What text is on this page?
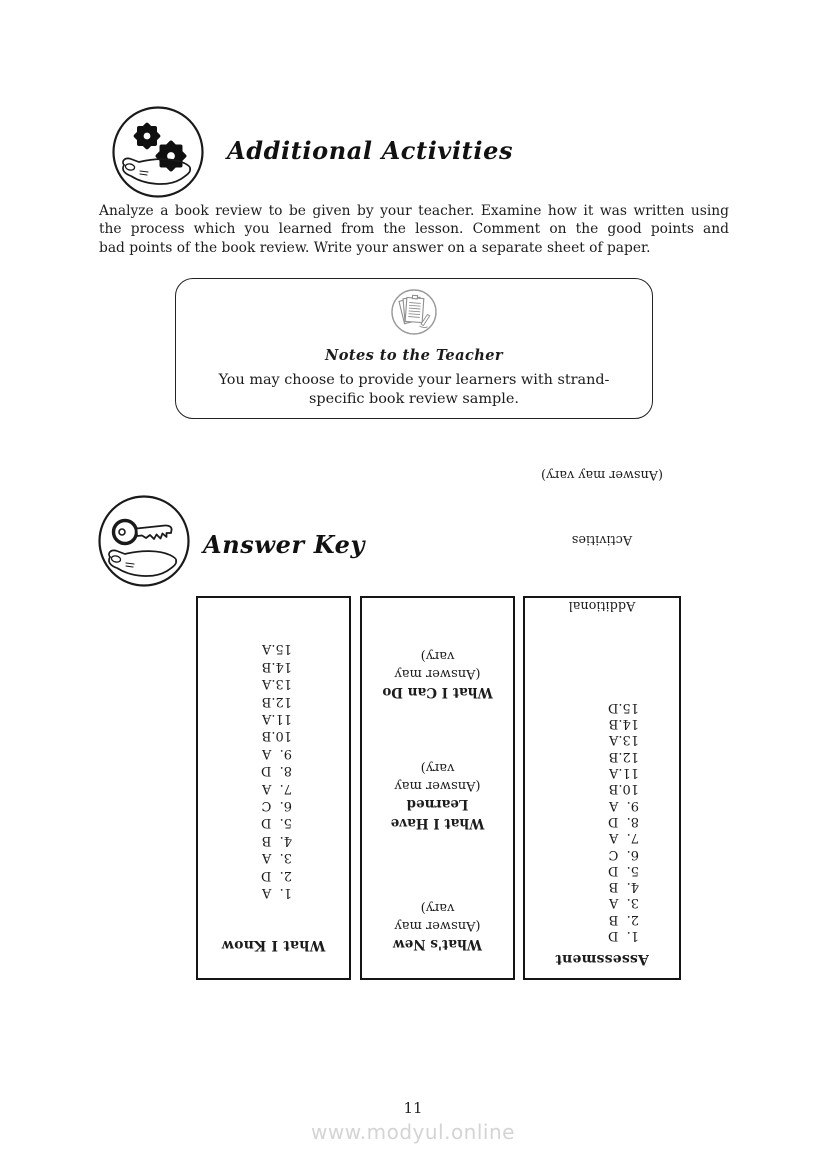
Additional Activities
Analyze a book review to be given by your teacher. Examine how it was written using
the process which you learned from the lesson. Comment on the good points and
bad points of the book review. Write your answer on a separate sheet of paper.
Notes to the Teacher
You may choose to provide your learners with strand-
specific book review sample.
Answer Key
What I Know
1.  A
2.  D
3.  A
4.  B
5.  D
6.  C
7.  A
8.  D
9.  A
10.B
11.A
12.B
13.A
14.B
15.A
What's New
(Answer may
vary)
What I Have
Learned
(Answer may
vary)
What I Can Do
(Answer may
vary)
Assessment
1.  D
2.  B
3.  A
4.  B
5.  D
6.  C
7.  A
8.  D
9.  A
10.B
11.A
12.B
13.A
14.B
15.D

Additional

Activities

(Answer may vary)

11
www.modyul.online
